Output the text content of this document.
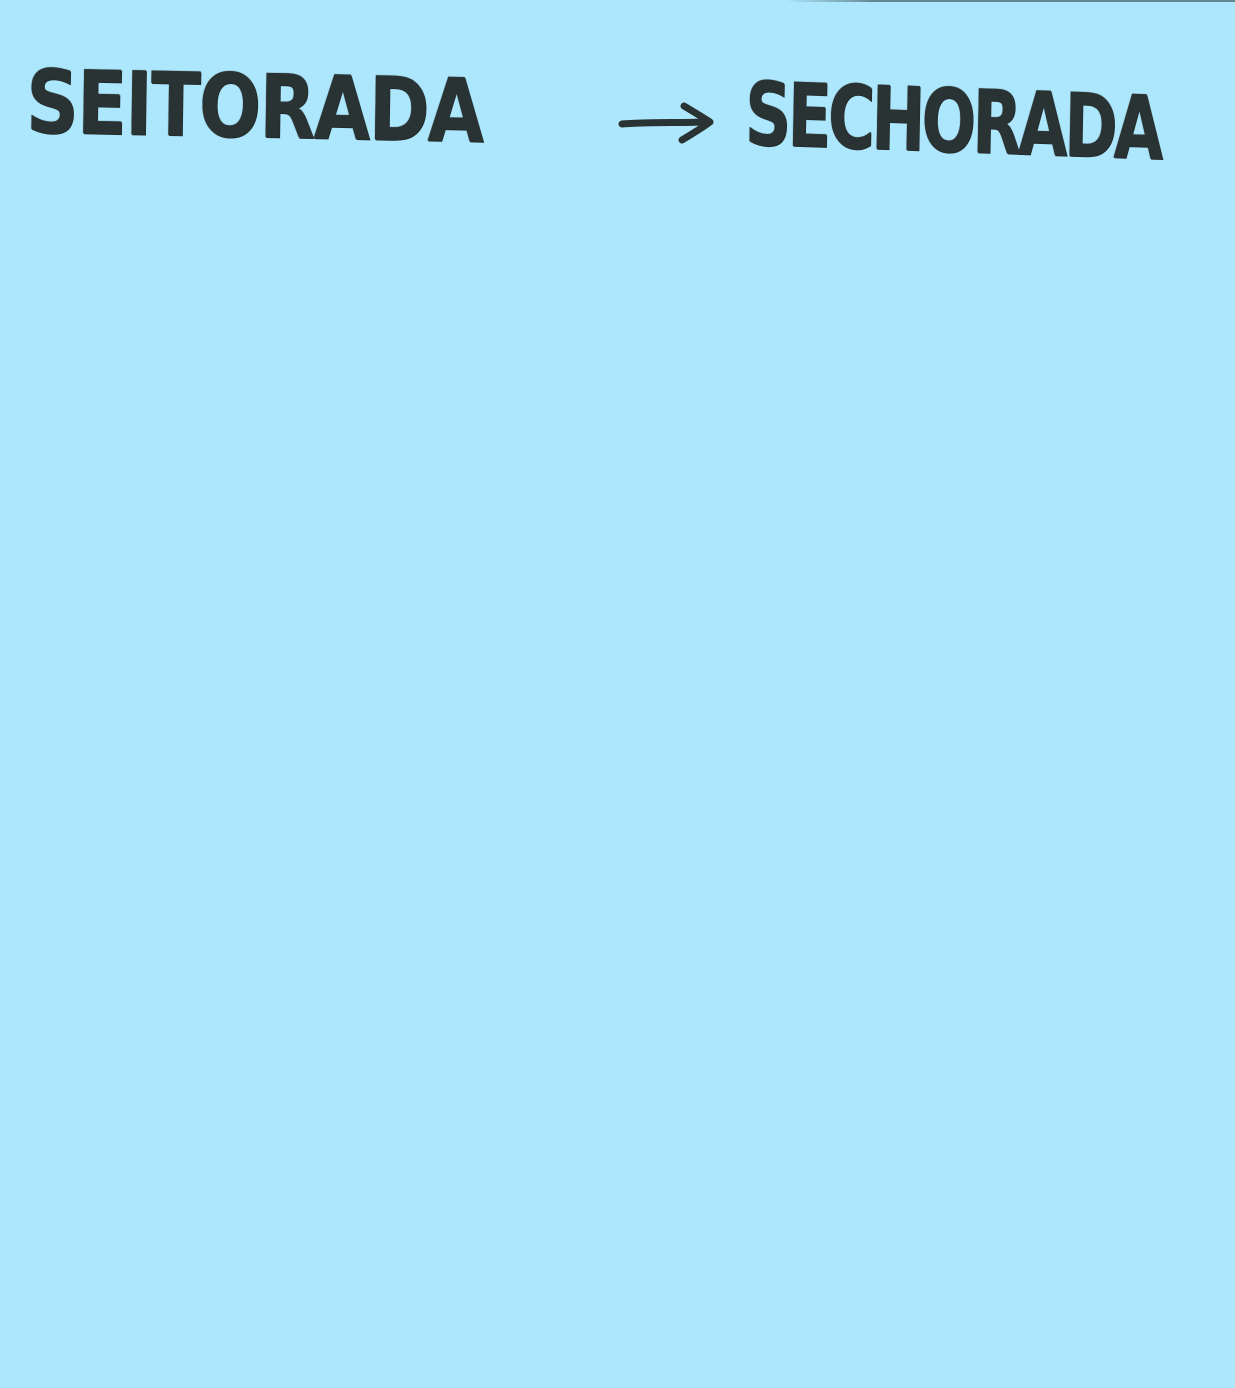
SEITORADA	SECHORADA
